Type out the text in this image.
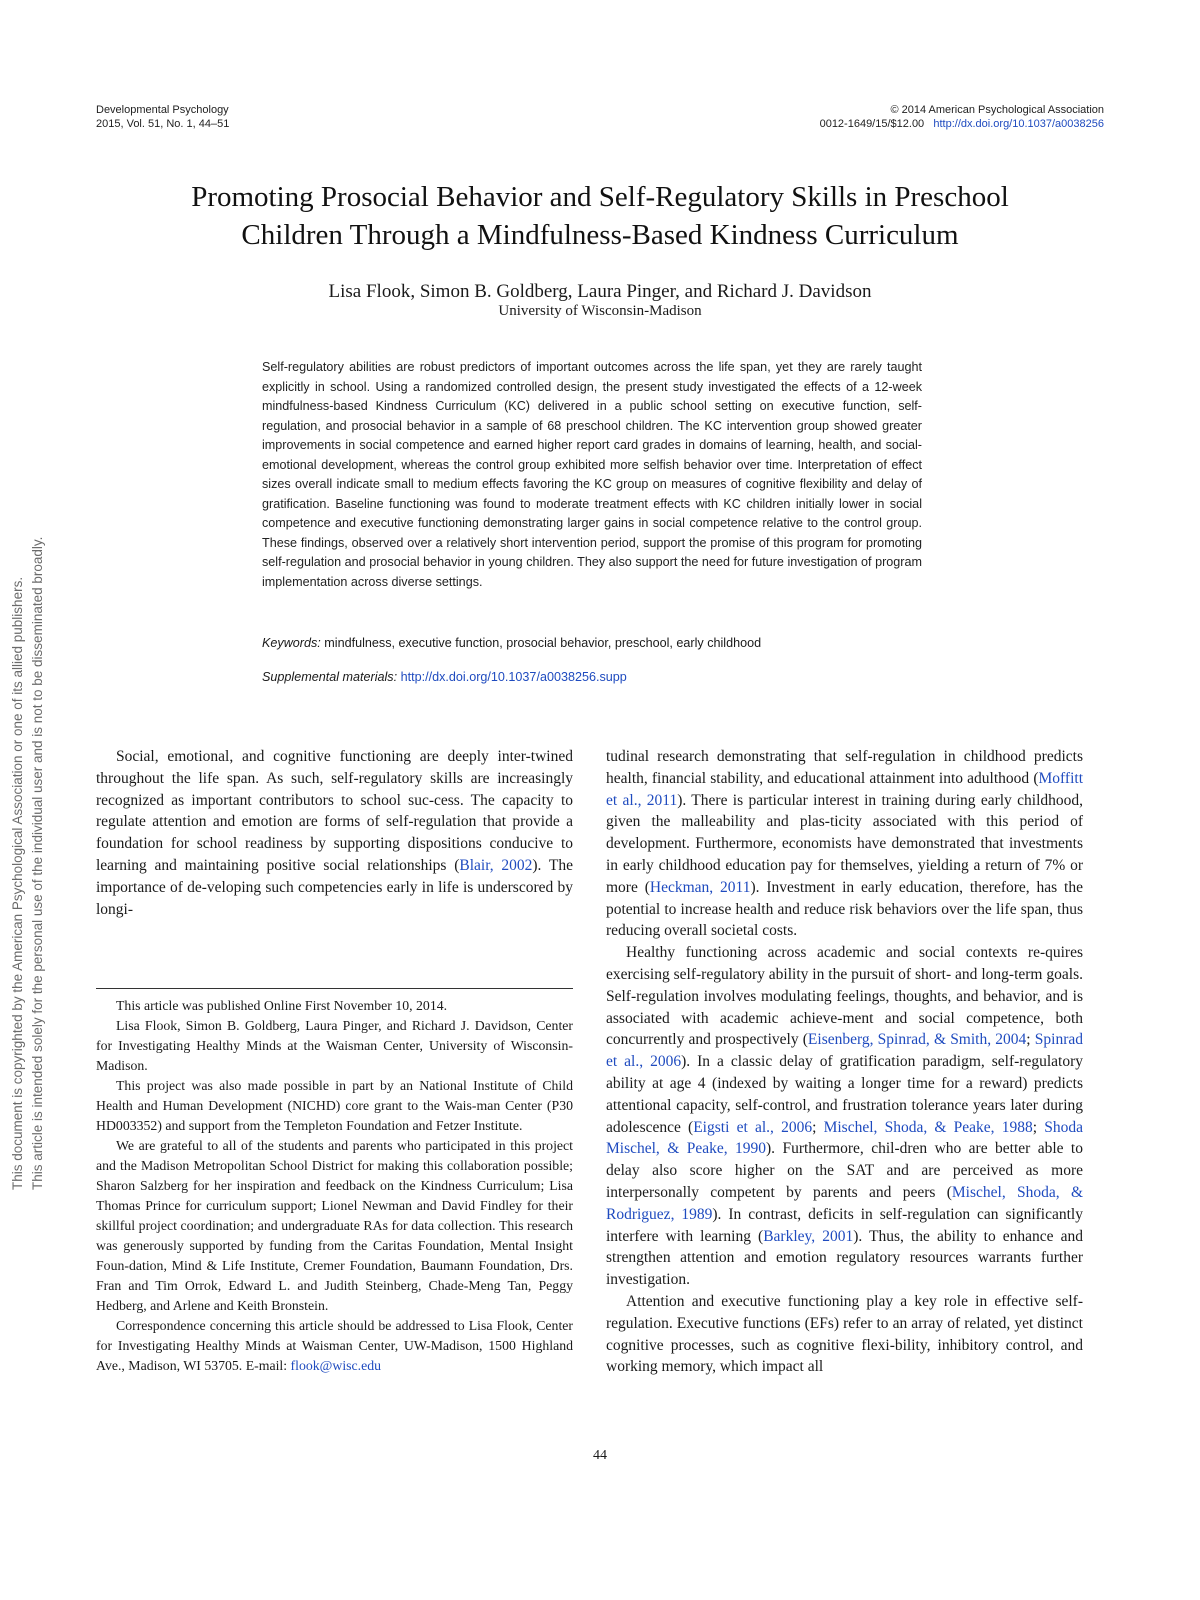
Developmental Psychology
2015, Vol. 51, No. 1, 44–51
© 2014 American Psychological Association
0012-1649/15/$12.00 http://dx.doi.org/10.1037/a0038256
This document is copyrighted by the American Psychological Association or one of its allied publishers. This article is intended solely for the personal use of the individual user and is not to be disseminated broadly.
Promoting Prosocial Behavior and Self-Regulatory Skills in Preschool
Children Through a Mindfulness-Based Kindness Curriculum
Lisa Flook, Simon B. Goldberg, Laura Pinger, and Richard J. Davidson
University of Wisconsin-Madison

Self-regulatory abilities are robust predictors of important outcomes across the life span, yet they are rarely taught explicitly in school. Using a randomized controlled design, the present study investigated the effects of a 12-week mindfulness-based Kindness Curriculum (KC) delivered in a public school setting on executive function, self-regulation, and prosocial behavior in a sample of 68 preschool children. The KC intervention group showed greater improvements in social competence and earned higher report card grades in domains of learning, health, and social-emotional development, whereas the control group exhibited more selfish behavior over time. Interpretation of effect sizes overall indicate small to medium effects favoring the KC group on measures of cognitive flexibility and delay of gratification. Baseline functioning was found to moderate treatment effects with KC children initially lower in social competence and executive functioning demonstrating larger gains in social competence relative to the control group. These findings, observed over a relatively short intervention period, support the promise of this program for promoting self-regulation and prosocial behavior in young children. They also support the need for future investigation of program implementation across diverse settings.

Keywords: mindfulness, executive function, prosocial behavior, preschool, early childhood
Supplemental materials: http://dx.doi.org/10.1037/a0038256.supp

Social, emotional, and cognitive functioning are deeply inter-twined throughout the life span. As such, self-regulatory skills are increasingly recognized as important contributors to school suc-cess. The capacity to regulate attention and emotion are forms of self-regulation that provide a foundation for school readiness by supporting dispositions conducive to learning and maintaining positive social relationships (Blair, 2002). The importance of de-veloping such competencies early in life is underscored by longi-

This article was published Online First November 10, 2014.

Lisa Flook, Simon B. Goldberg, Laura Pinger, and Richard J. Davidson, Center for Investigating Healthy Minds at the Waisman Center, University of Wisconsin-Madison.

This project was also made possible in part by an National Institute of Child Health and Human Development (NICHD) core grant to the Wais-man Center (P30 HD003352) and support from the Templeton Foundation and Fetzer Institute.

We are grateful to all of the students and parents who participated in this project and the Madison Metropolitan School District for making this collaboration possible; Sharon Salzberg for her inspiration and feedback on the Kindness Curriculum; Lisa Thomas Prince for curriculum support; Lionel Newman and David Findley for their skillful project coordination; and undergraduate RAs for data collection. This research was generously supported by funding from the Caritas Foundation, Mental Insight Foun-dation, Mind & Life Institute, Cremer Foundation, Baumann Foundation, Drs. Fran and Tim Orrok, Edward L. and Judith Steinberg, Chade-Meng Tan, Peggy Hedberg, and Arlene and Keith Bronstein.

Correspondence concerning this article should be addressed to Lisa Flook, Center for Investigating Healthy Minds at Waisman Center, UW-Madison, 1500 Highland Ave., Madison, WI 53705. E-mail: flook@wisc.edu

tudinal research demonstrating that self-regulation in childhood predicts health, financial stability, and educational attainment into adulthood (Moffitt et al., 2011). There is particular interest in training during early childhood, given the malleability and plas-ticity associated with this period of development. Furthermore, economists have demonstrated that investments in early childhood education pay for themselves, yielding a return of 7% or more (Heckman, 2011). Investment in early education, therefore, has the potential to increase health and reduce risk behaviors over the life span, thus reducing overall societal costs.

Healthy functioning across academic and social contexts re-quires exercising self-regulatory ability in the pursuit of short- and long-term goals. Self-regulation involves modulating feelings, thoughts, and behavior, and is associated with academic achieve-ment and social competence, both concurrently and prospectively (Eisenberg, Spinrad, & Smith, 2004; Spinrad et al., 2006). In a classic delay of gratification paradigm, self-regulatory ability at age 4 (indexed by waiting a longer time for a reward) predicts attentional capacity, self-control, and frustration tolerance years later during adolescence (Eigsti et al., 2006; Mischel, Shoda, & Peake, 1988; Shoda Mischel, & Peake, 1990). Furthermore, chil-dren who are better able to delay also score higher on the SAT and are perceived as more interpersonally competent by parents and peers (Mischel, Shoda, & Rodriguez, 1989). In contrast, deficits in self-regulation can significantly interfere with learning (Barkley, 2001). Thus, the ability to enhance and strengthen attention and emotion regulatory resources warrants further investigation.

Attention and executive functioning play a key role in effective self-regulation. Executive functions (EFs) refer to an array of related, yet distinct cognitive processes, such as cognitive flexi-bility, inhibitory control, and working memory, which impact all

44
